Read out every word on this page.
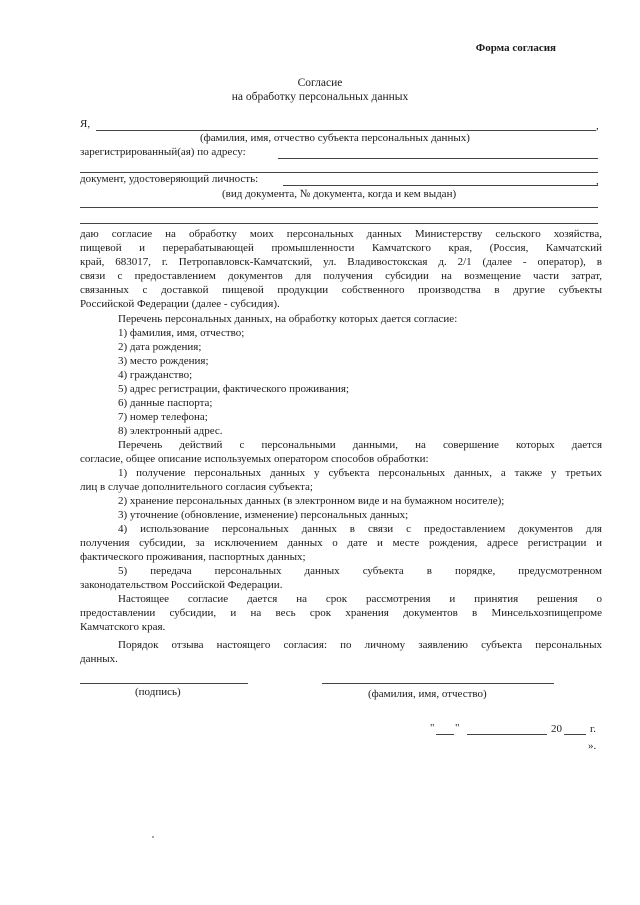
Форма согласия
Согласие
на обработку персональных данных
Я,	,
(фамилия, имя, отчество субъекта персональных данных)
зарегистрированный(ая) по адресу:
документ, удостоверяющий личность:	,
(вид документа, № документа, когда и кем выдан)
даю согласие на обработку моих персональных данных Министерству сельского хозяйства,
пищевой и перерабатывающей промышленности Камчатского края, (Россия, Камчатский
край, 683017, г. Петропавловск-Камчатский, ул. Владивостокская д. 2/1 (далее - оператор), в
связи с предоставлением документов для получения субсидии на возмещение части затрат,
связанных с доставкой пищевой продукции собственного производства в другие субъекты
Российской Федерации (далее - субсидия).
Перечень персональных данных, на обработку которых дается согласие:
1) фамилия, имя, отчество;
2) дата рождения;
3) место рождения;
4) гражданство;
5) адрес регистрации, фактического проживания;
6) данные паспорта;
7) номер телефона;
8) электронный адрес.
Перечень действий с персональными данными, на совершение которых дается
согласие, общее описание используемых оператором способов обработки:
1) получение персональных данных у субъекта персональных данных, а также у третьих
лиц в случае дополнительного согласия субъекта;
2) хранение персональных данных (в электронном виде и на бумажном носителе);
3) уточнение (обновление, изменение) персональных данных;
4) использование персональных данных в связи с предоставлением документов для
получения субсидии, за исключением данных о дате и месте рождения, адресе регистрации и
фактического проживания, паспортных данных;
5) передача персональных данных субъекта в порядке, предусмотренном
законодательством Российской Федерации.
Настоящее согласие дается на срок рассмотрения и принятия решения о
предоставлении субсидии, и на весь срок хранения документов в Минсельхозпищепроме
Камчатского края.
Порядок отзыва настоящего согласия: по личному заявлению субъекта персональных
данных.
(подпись)	(фамилия, имя, отчество)
" "	20	г.
».
